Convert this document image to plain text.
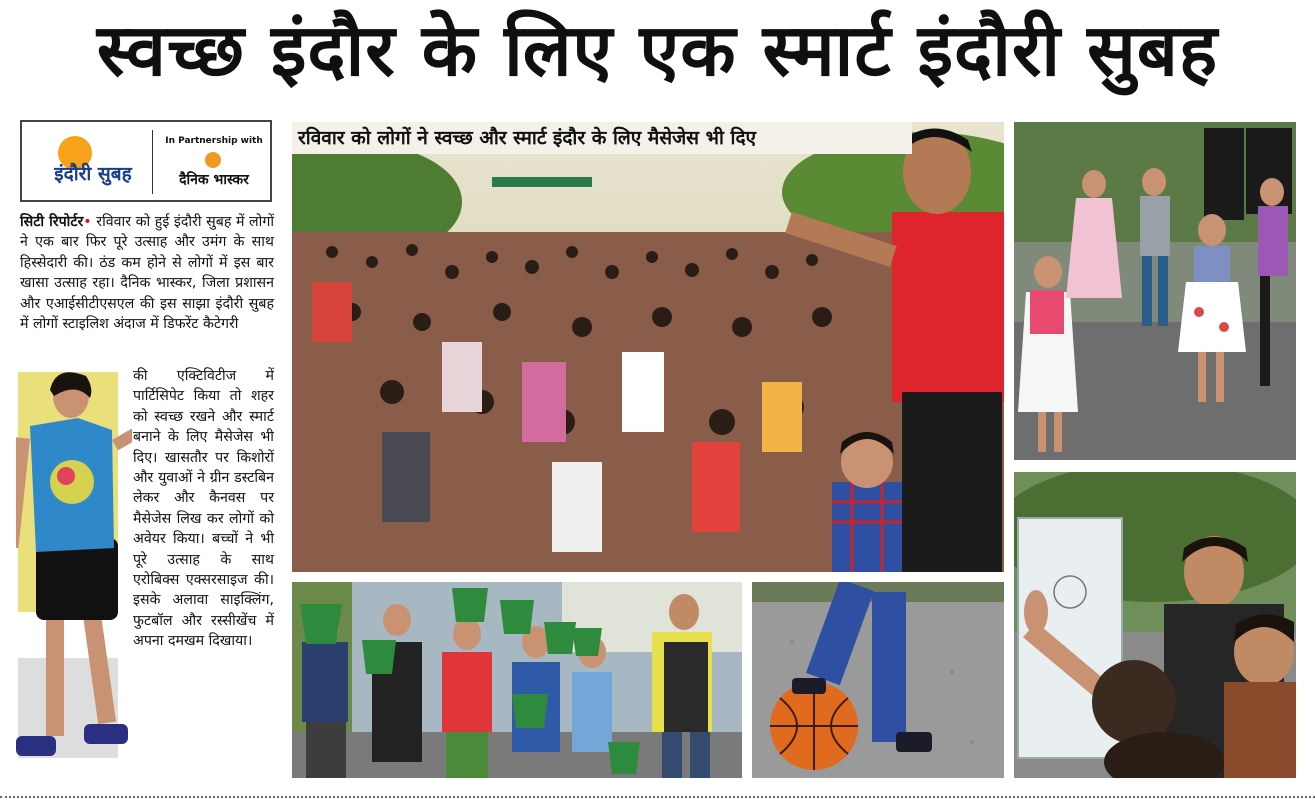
स्वच्छ इंदौर के लिए एक स्मार्ट इंदौरी सुबह
इंदौरी सुबह
In Partnership with
दैनिक भास्कर
सिटी रिपोर्टर• रविवार को हुई इंदौरी सुबह में लोगों ने एक बार फिर पूरे उत्साह और उमंग के साथ हिस्सेदारी की। ठंड कम होने से लोगों में इस बार खासा उत्साह रहा। दैनिक भास्कर, जिला प्रशासन और एआईसीटीएसएल की इस साझा इंदौरी सुबह में लोगों स्टाइलिश अंदाज में डिफरेंट कैटेगरी
की एक्टिविटीज में पार्टिसिपेट किया तो शहर को स्वच्छ रखने और स्मार्ट बनाने के लिए मैसेजेस भी दिए। खासतौर पर किशोरों और युवाओं ने ग्रीन डस्टबिन लेकर और कैनवस पर मैसेजेस लिख कर लोगों को अवेयर किया। बच्चों ने भी पूरे उत्साह के साथ एरोबिक्स एक्सरसाइज की। इसके अलावा साइक्लिंग, फुटबॉल और रस्सीखेंच में अपना दमखम दिखाया।
रविवार को लोगों ने स्वच्छ और स्मार्ट इंदौर के लिए मैसेजेस भी दिए
